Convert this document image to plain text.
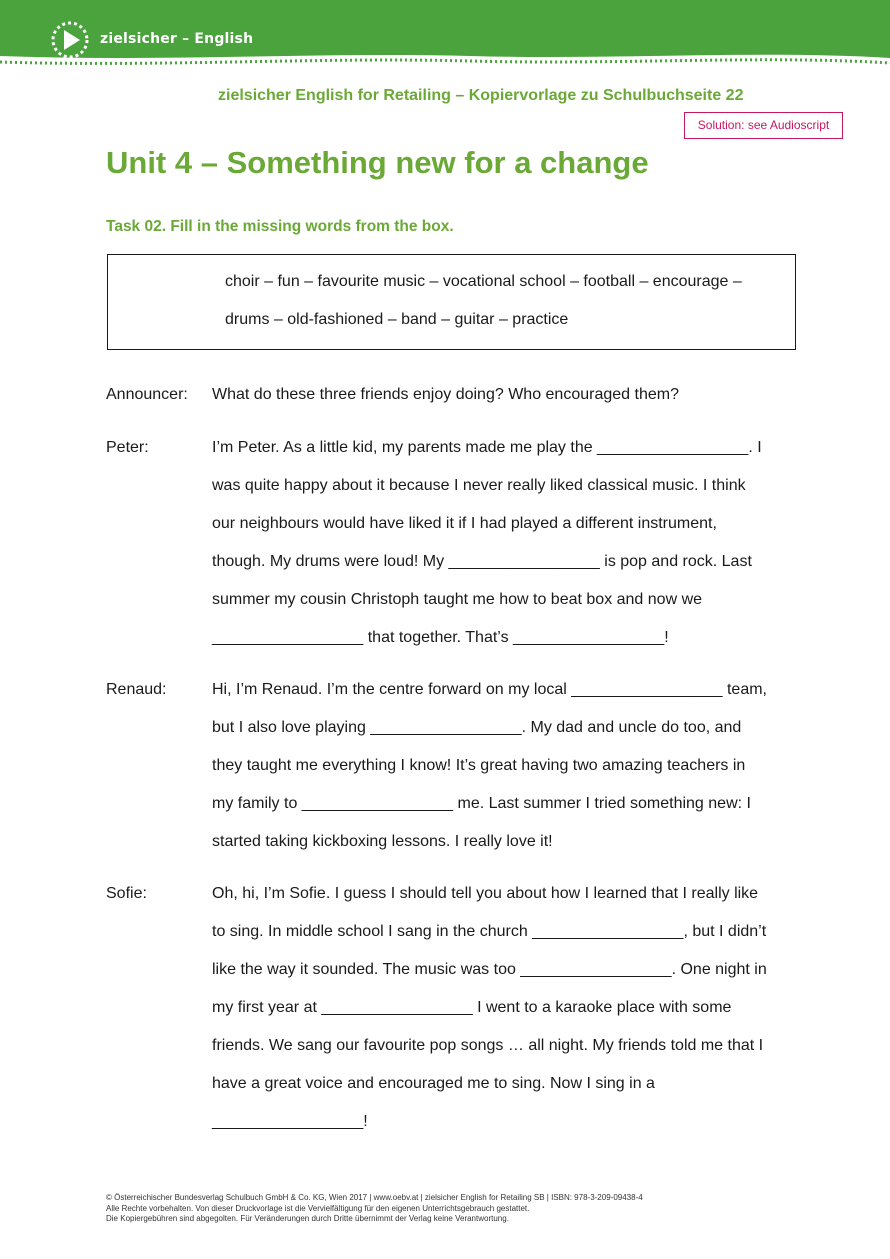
zielsicher – English
zielsicher English for Retailing – Kopiervorlage zu Schulbuchseite 22
Solution: see Audioscript
Unit 4 – Something new for a change
Task 02. Fill in the missing words from the box.
choir – fun – favourite music – vocational school – football – encourage –
drums – old-fashioned – band – guitar – practice
Announcer: What do these three friends enjoy doing? Who encouraged them?
Peter:	I’m Peter. As a little kid, my parents made me play the _________________. I
was quite happy about it because I never really liked classical music. I think
our neighbours would have liked it if I had played a different instrument,
though. My drums were loud! My _________________ is pop and rock. Last
summer my cousin Christoph taught me how to beat box and now we
_________________ that together. That’s _________________!
Renaud:	Hi, I’m Renaud. I’m the centre forward on my local _________________ team,
but I also love playing _________________. My dad and uncle do too, and
they taught me everything I know! It’s great having two amazing teachers in
my family to _________________ me. Last summer I tried something new: I
started taking kickboxing lessons. I really love it!
Sofie:	Oh, hi, I’m Sofie. I guess I should tell you about how I learned that I really like
to sing. In middle school I sang in the church _________________, but I didn’t
like the way it sounded. The music was too _________________. One night in
my first year at _________________ I went to a karaoke place with some
friends. We sang our favourite pop songs … all night. My friends told me that I
have a great voice and encouraged me to sing. Now I sing in a
_________________!
© Österreichischer Bundesverlag Schulbuch GmbH & Co. KG, Wien 2017 | www.oebv.at | zielsicher English for Retailing SB | ISBN: 978-3-209-09438-4
Alle Rechte vorbehalten. Von dieser Druckvorlage ist die Vervielfältigung für den eigenen Unterrichtsgebrauch gestattet.
Die Kopiergebühren sind abgegolten. Für Veränderungen durch Dritte übernimmt der Verlag keine Verantwortung.
